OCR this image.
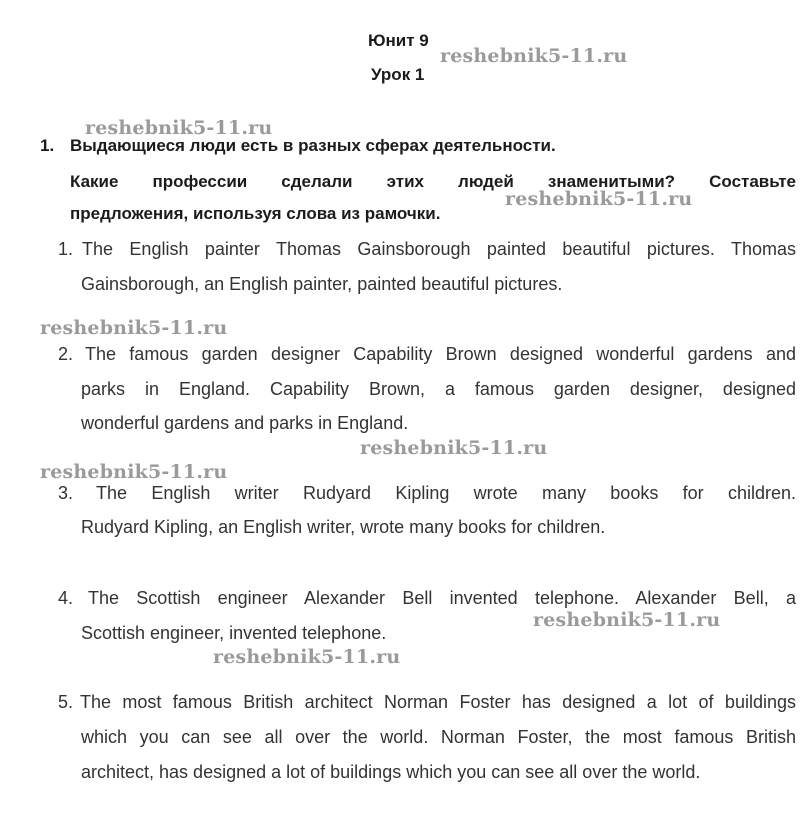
Юнит 9
Урок 1
reshebnik5-11.ru
reshebnik5-11.ru
reshebnik5-11.ru
reshebnik5-11.ru
reshebnik5-11.ru
reshebnik5-11.ru
reshebnik5-11.ru
reshebnik5-11.ru
1. Выдающиеся люди есть в разных сферах деятельности.
Какие профессии сделали этих людей знаменитыми? Составьте
предложения, используя слова из рамочки.
1. The English painter Thomas Gainsborough painted beautiful pictures. Thomas
Gainsborough, an English painter, painted beautiful pictures.
2. The famous garden designer Capability Brown designed wonderful gardens and
parks in England. Capability Brown, a famous garden designer, designed
wonderful gardens and parks in England.
3. The English writer Rudyard Kipling wrote many books for children.
Rudyard Kipling, an English writer, wrote many books for children.
4. The Scottish engineer Alexander Bell invented telephone. Alexander Bell, a
Scottish engineer, invented telephone.
5. The most famous British architect Norman Foster has designed a lot of buildings
which you can see all over the world. Norman Foster, the most famous British
architect, has designed a lot of buildings which you can see all over the world.
